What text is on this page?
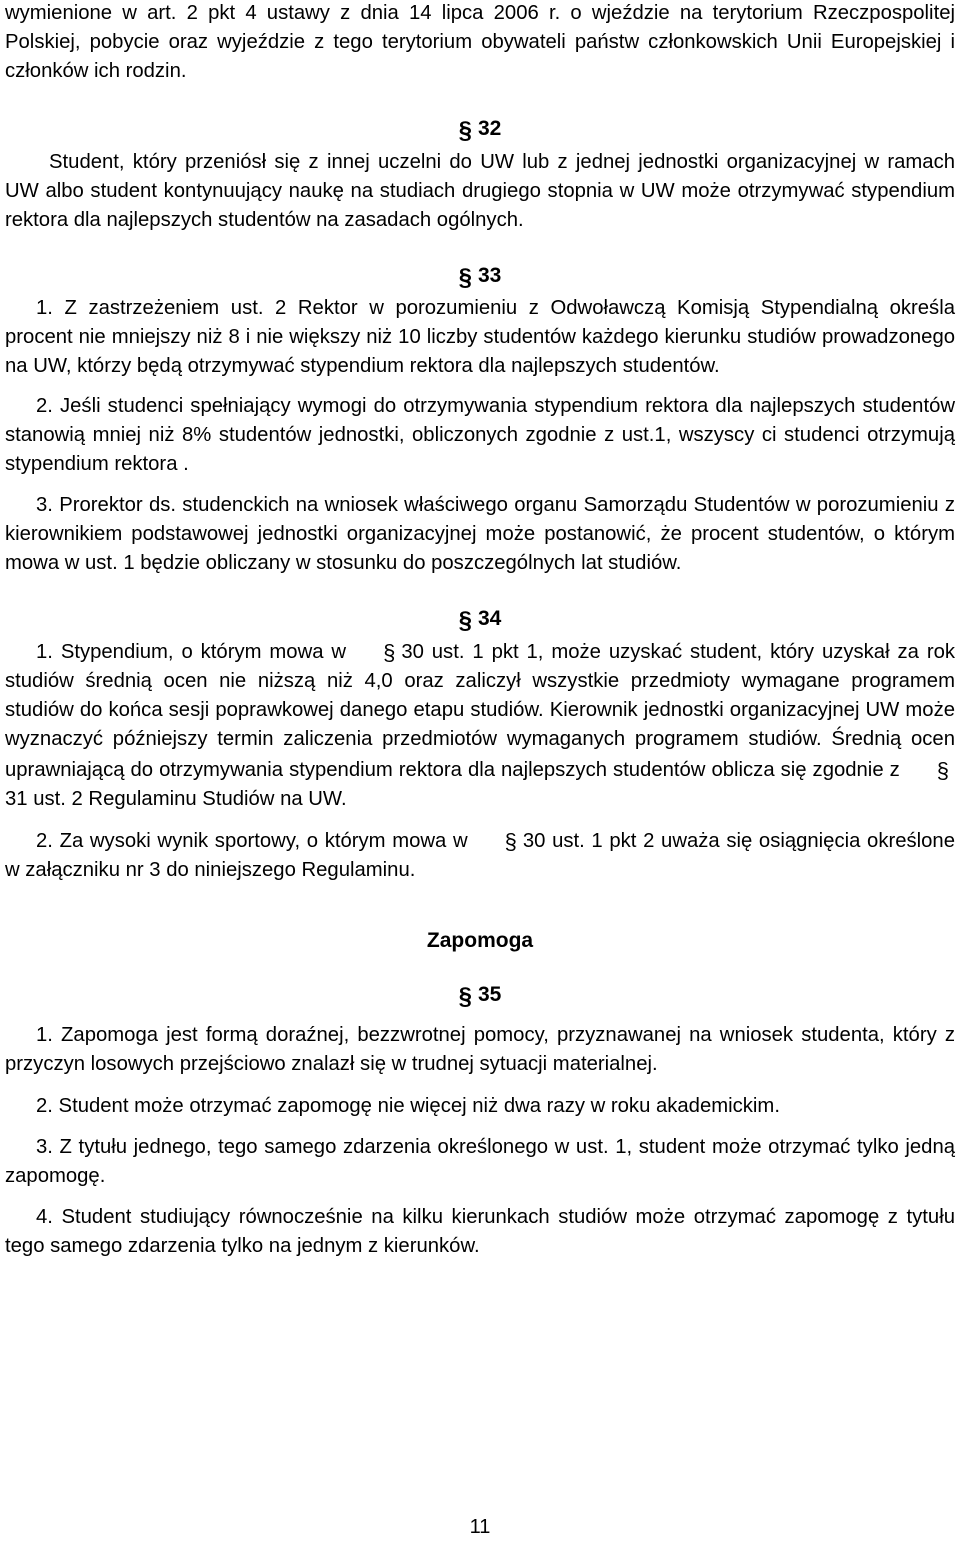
wymienione w art. 2 pkt 4 ustawy z dnia 14 lipca 2006 r. o wjeździe na terytorium Rzeczpospolitej Polskiej, pobycie oraz wyjeździe z tego terytorium obywateli państw członkowskich Unii Europejskiej i członków ich rodzin.

§ 32

Student, który przeniósł się z innej uczelni do UW lub z jednej jednostki organizacyjnej w ramach UW albo student kontynuujący naukę na studiach drugiego stopnia w UW może otrzymywać stypendium rektora dla najlepszych studentów na zasadach ogólnych.

§ 33

1. Z zastrzeżeniem ust. 2 Rektor w porozumieniu z Odwoławczą Komisją Stypendialną określa procent nie mniejszy niż 8 i nie większy niż 10 liczby studentów każdego kierunku studiów prowadzonego na UW, którzy będą otrzymywać stypendium rektora dla najlepszych studentów.

2. Jeśli studenci spełniający wymogi do otrzymywania stypendium rektora dla najlepszych studentów stanowią mniej niż 8% studentów jednostki, obliczonych zgodnie z ust.1, wszyscy ci studenci otrzymują stypendium rektora .

3. Prorektor ds. studenckich na wniosek właściwego organu Samorządu Studentów w porozumieniu z kierownikiem podstawowej jednostki organizacyjnej może postanowić, że procent studentów, o którym mowa w ust. 1 będzie obliczany w stosunku do poszczególnych lat studiów.

§ 34

1. Stypendium, o którym mowa w § 30 ust. 1 pkt 1, może uzyskać student, który uzyskał za rok studiów średnią ocen nie niższą niż 4,0 oraz zaliczył wszystkie przedmioty wymagane programem studiów do końca sesji poprawkowej danego etapu studiów. Kierownik jednostki organizacyjnej UW może wyznaczyć późniejszy termin zaliczenia przedmiotów wymaganych programem studiów. Średnią ocen uprawniającą do otrzymywania stypendium rektora dla najlepszych studentów oblicza się zgodnie z §31 ust. 2 Regulaminu Studiów na UW.

2. Za wysoki wynik sportowy, o którym mowa w § 30 ust. 1 pkt 2 uważa się osiągnięcia określone w załączniku nr 3 do niniejszego Regulaminu.

Zapomoga
§ 35

1. Zapomoga jest formą doraźnej, bezzwrotnej pomocy, przyznawanej na wniosek studenta, który z przyczyn losowych przejściowo znalazł się w trudnej sytuacji materialnej.

2. Student może otrzymać zapomogę nie więcej niż dwa razy w roku akademickim.

3. Z tytułu jednego, tego samego zdarzenia określonego w ust. 1, student może otrzymać tylko jedną zapomogę.

4. Student studiujący równocześnie na kilku kierunkach studiów może otrzymać zapomogę z tytułu tego samego zdarzenia tylko na jednym z kierunków.

11
